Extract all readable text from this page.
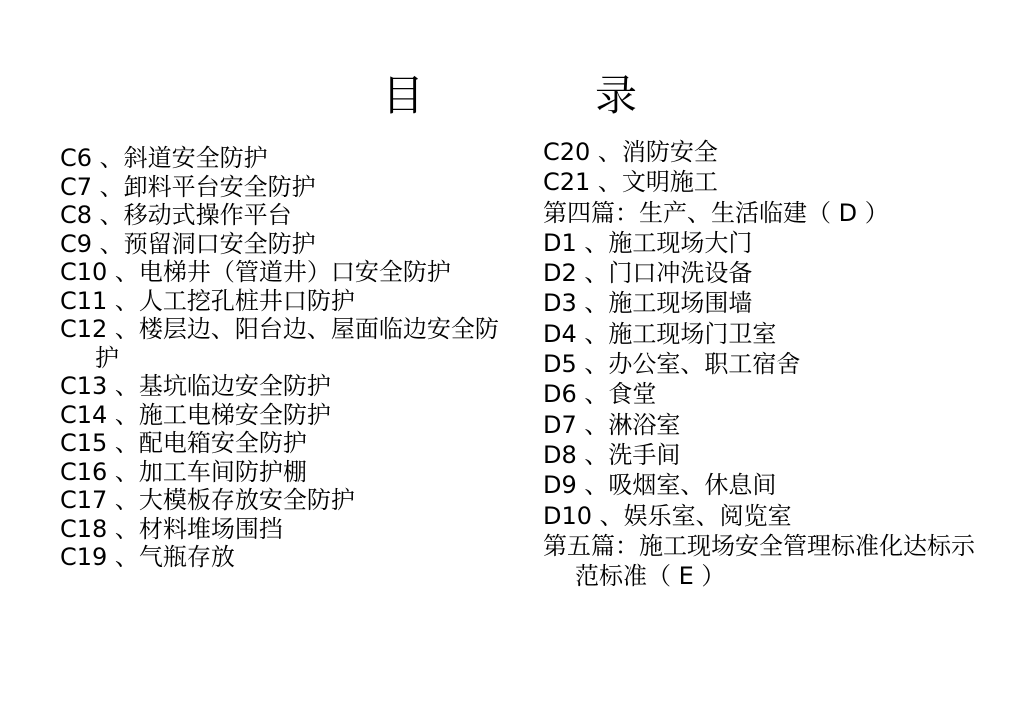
目	录
C6 、斜道安全防护
C7 、卸料平台安全防护
C8 、移动式操作平台
C9 、预留洞口安全防护
C10 、电梯井（管道井）口安全防护
C11 、人工挖孔桩井口防护
C12 、楼层边、阳台边、屋面临边安全防护
C13 、基坑临边安全防护
C14 、施工电梯安全防护
C15 、配电箱安全防护
C16 、加工车间防护棚
C17 、大模板存放安全防护
C18 、材料堆场围挡
C19 、气瓶存放
C20 、消防安全
C21 、文明施工
第四篇：生产、生活临建（ D ）
D1 、施工现场大门
D2 、门口冲洗设备
D3 、施工现场围墙
D4 、施工现场门卫室
D5 、办公室、职工宿舍
D6 、食堂
D7 、淋浴室
D8 、洗手间
D9 、吸烟室、休息间
D10 、娱乐室、阅览室
第五篇：施工现场安全管理标准化达标示范标准（ E ）
